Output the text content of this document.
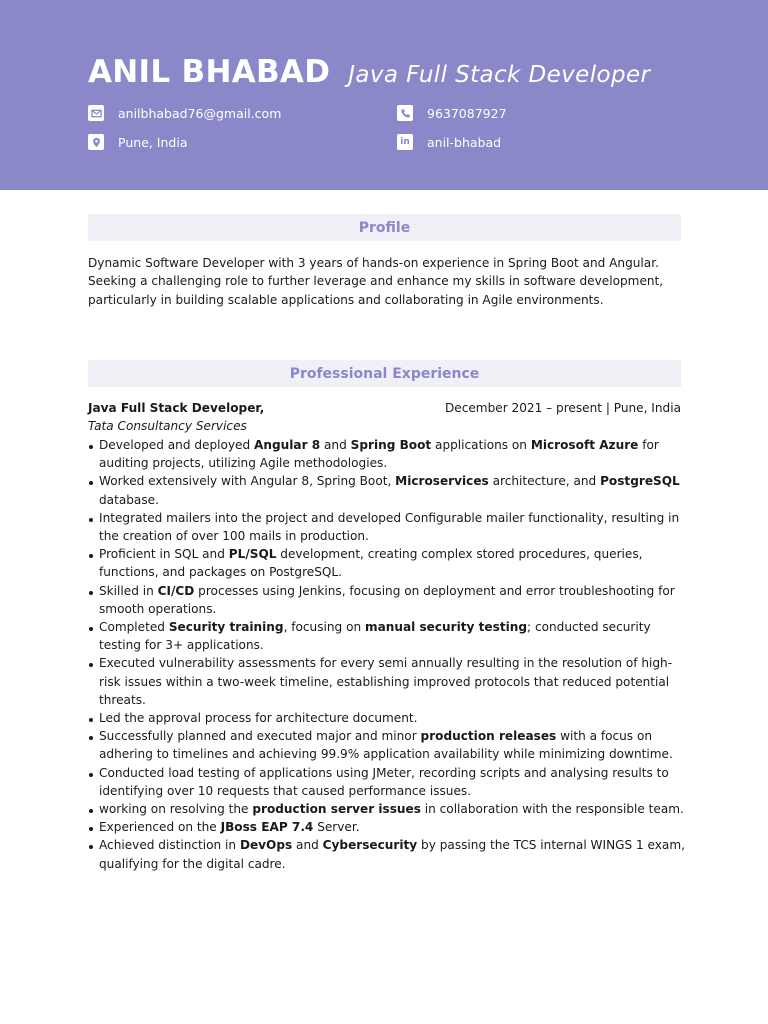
ANIL BHABAD Java Full Stack Developer
anilbhabad76@gmail.com	9637087927
Pune, India	in anil-bhabad
Profile

Dynamic Software Developer with 3 years of hands-on experience in Spring Boot and Angular. Seeking a challenging role to further leverage and enhance my skills in software development, particularly in building scalable applications and collaborating in Agile environments.

Professional Experience
Java Full Stack Developer,	December 2021 – present | Pune, India
Tata Consultancy Services
Developed and deployed Angular 8 and Spring Boot applications on Microsoft Azure for auditing projects, utilizing Agile methodologies.
Worked extensively with Angular 8, Spring Boot, Microservices architecture, and PostgreSQL database.
Integrated mailers into the project and developed Configurable mailer functionality, resulting in the creation of over 100 mails in production.
Proficient in SQL and PL/SQL development, creating complex stored procedures, queries, functions, and packages on PostgreSQL.
Skilled in CI/CD processes using Jenkins, focusing on deployment and error troubleshooting for smooth operations.
Completed Security training, focusing on manual security testing; conducted security testing for 3+ applications.
Executed vulnerability assessments for every semi annually resulting in the resolution of high-risk issues within a two-week timeline, establishing improved protocols that reduced potential threats.
Led the approval process for architecture document.
Successfully planned and executed major and minor production releases with a focus on adhering to timelines and achieving 99.9% application availability while minimizing downtime.
Conducted load testing of applications using JMeter, recording scripts and analysing results to identifying over 10 requests that caused performance issues.
working on resolving the production server issues in collaboration with the responsible team.
Experienced on the JBoss EAP 7.4 Server.
Achieved distinction in DevOps and Cybersecurity by passing the TCS internal WINGS 1 exam, qualifying for the digital cadre.
